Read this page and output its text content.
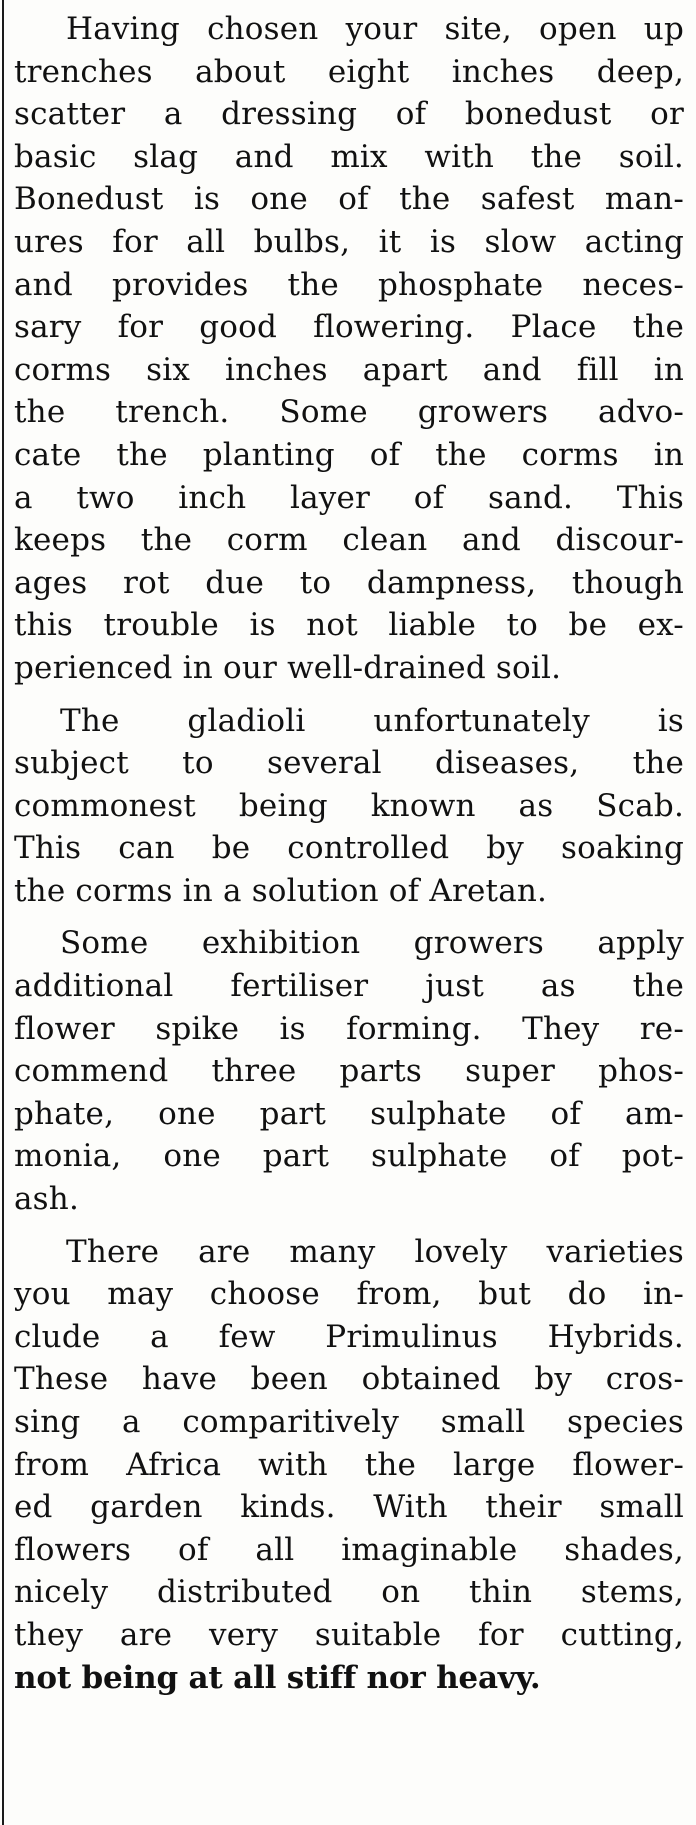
Having chosen your site, open up
trenches about eight inches deep,
scatter a dressing of bonedust or
basic slag and mix with the soil.
Bonedust is one of the safest man-
ures for all bulbs, it is slow acting
and provides the phosphate neces-
sary for good flowering. Place the
corms six inches apart and fill in
the trench. Some growers advo-
cate the planting of the corms in
a two inch layer of sand. This
keeps the corm clean and discour-
ages rot due to dampness, though
this trouble is not liable to be ex-
perienced in our well-drained soil.
The gladioli unfortunately is
subject to several diseases, the
commonest being known as Scab.
This can be controlled by soaking
the corms in a solution of Aretan.
Some exhibition growers apply
additional fertiliser just as the
flower spike is forming. They re-
commend three parts super phos-
phate, one part sulphate of am-
monia, one part sulphate of pot-
ash.
There are many lovely varieties
you may choose from, but do in-
clude a few Primulinus Hybrids.
These have been obtained by cros-
sing a comparitively small species
from Africa with the large flower-
ed garden kinds. With their small
flowers of all imaginable shades,
nicely distributed on thin stems,
they are very suitable for cutting,
not being at all stiff nor heavy.
